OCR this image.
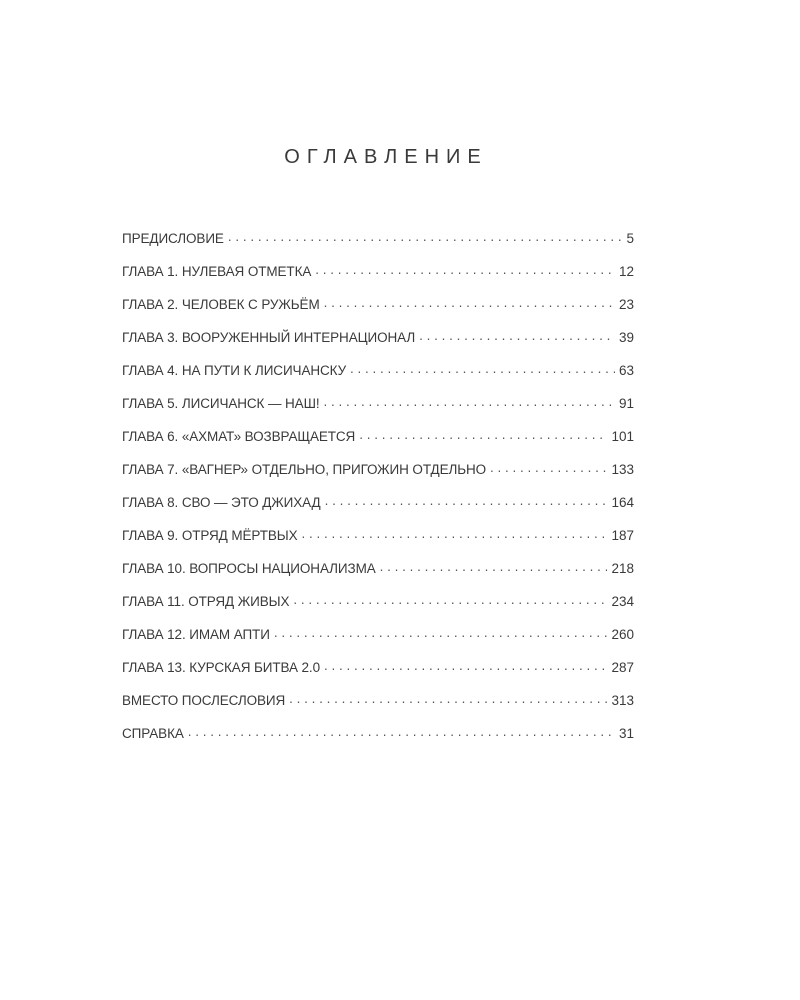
ОГЛАВЛЕНИЕ
ПРЕДИСЛОВИЕ . . .	5
ГЛАВА 1. НУЛЕВАЯ ОТМЕТКА . . .	12
ГЛАВА 2. ЧЕЛОВЕК С РУЖЬЁМ . . .	23
ГЛАВА 3. ВООРУЖЕННЫЙ ИНТЕРНАЦИОНАЛ . . .	39
ГЛАВА 4. НА ПУТИ К ЛИСИЧАНСКУ . . .	63
ГЛАВА 5. ЛИСИЧАНСК — НАШ! . . .	91
ГЛАВА 6. «АХМАТ» ВОЗВРАЩАЕТСЯ . . .	101
ГЛАВА 7. «ВАГНЕР» ОТДЕЛЬНО, ПРИГОЖИН ОТДЕЛЬНО . . .	133
ГЛАВА 8. СВО — ЭТО ДЖИХАД . . .	164
ГЛАВА 9. ОТРЯД МЁРТВЫХ . . .	187
ГЛАВА 10. ВОПРОСЫ НАЦИОНАЛИЗМА . . .	218
ГЛАВА 11. ОТРЯД ЖИВЫХ . . .	234
ГЛАВА 12. ИМАМ АПТИ . . .	260
ГЛАВА 13. КУРСКАЯ БИТВА 2.0 . . .	287
ВМЕСТО ПОСЛЕСЛОВИЯ . . .	313
СПРАВКА . . .	31
